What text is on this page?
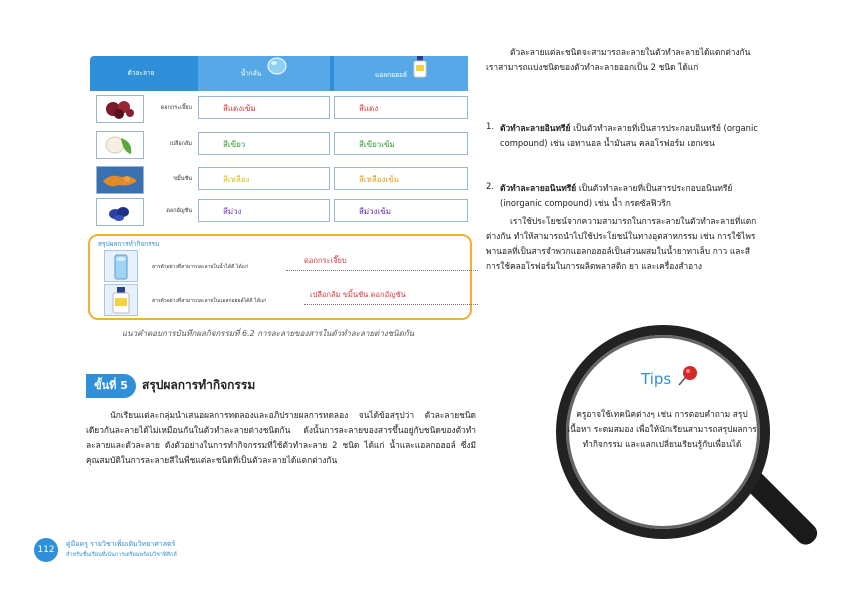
ตัวละลาย	น้ำกลั่น	แอลกอฮอล์
ดอกกระเจี๊ยบ	สีแดงเข้ม	สีแดง
เปลือกส้ม	สีเขียว	สีเขียวเข้ม
ขมิ้นชัน	สีเหลือง	สีเหลืองเข้ม
ดอกอัญชัน	สีม่วง	สีม่วงเข้ม
สรุปผลการทำกิจกรรม
สารตัวอย่างที่สามารถละลายในน้ำได้ดี ได้แก่
ดอกกระเจี๊ยบ
สารตัวอย่างที่สามารถละลายในแอลกอฮอล์ได้ดี ได้แก่
เปลือกส้ม ขมิ้นชัน ดอกอัญชัน
แนวคำตอบการบันทึกผลกิจกรรมที่ 6.2 การละลายของสารในตัวทำละลายต่างชนิดกัน
ขั้นที่ 5	สรุปผลการทำกิจกรรม
นักเรียนแต่ละกลุ่มนำเสนอผลการทดลองและอภิปรายผลการทดลอง จนได้ข้อสรุปว่า ตัวละลายชนิดเดียวกันละลายได้ไม่เหมือนกันในตัวทำละลายต่างชนิดกัน ดังนั้นการละลายของสารขึ้นอยู่กับชนิดของตัวทำละลายและตัวละลาย ดังตัวอย่างในการทำกิจกรรมที่ใช้ตัวทำละลาย 2 ชนิด ได้แก่ น้ำและแอลกอฮอล์ ซึ่งมีคุณสมบัติในการละลายสีในพืชแต่ละชนิดที่เป็นตัวละลายได้แตกต่างกัน
ตัวละลายแต่ละชนิดจะสามารถละลายในตัวทำละลายได้แตกต่างกัน เราสามารถแบ่งชนิดของตัวทำละลายออกเป็น 2 ชนิด ได้แก่
1. ตัวทำละลายอินทรีย์ เป็นตัวทำละลายที่เป็นสารประกอบอินทรีย์ (organic compound) เช่น เอทานอล น้ำมันสน คลอโรฟอร์ม เฮกเซน
2. ตัวทำละลายอนินทรีย์ เป็นตัวทำละลายที่เป็นสารประกอบอนินทรีย์ (inorganic compound) เช่น น้ำ กรดซัลฟิวริก
เราใช้ประโยชน์จากความสามารถในการละลายในตัวทำละลายที่แตกต่างกัน ทำให้สามารถนำไปใช้ประโยชน์ในทางอุตสาหกรรม เช่น การใช้ไพรพานอลที่เป็นสารจำพวกแอลกอฮอล์เป็นส่วนผสมในน้ำยาทาเล็บ กาว และสี การใช้คลอโรฟอร์มในการผลิตพลาสติก ยา และเครื่องสำอาง
Tips
ครูอาจใช้เทคนิคต่างๆ เช่น การตอบคำถาม สรุปเนื้อหา ระดมสมอง เพื่อให้นักเรียนสามารถสรุปผลการทำกิจกรรม และแลกเปลี่ยนเรียนรู้กับเพื่อนได้
112
คู่มือครู รายวิชาเพิ่มเติมวิทยาศาสตร์
สำหรับชั้นเรียนที่เน้นการเตรียมพร้อมวิชาฟิสิกส์
